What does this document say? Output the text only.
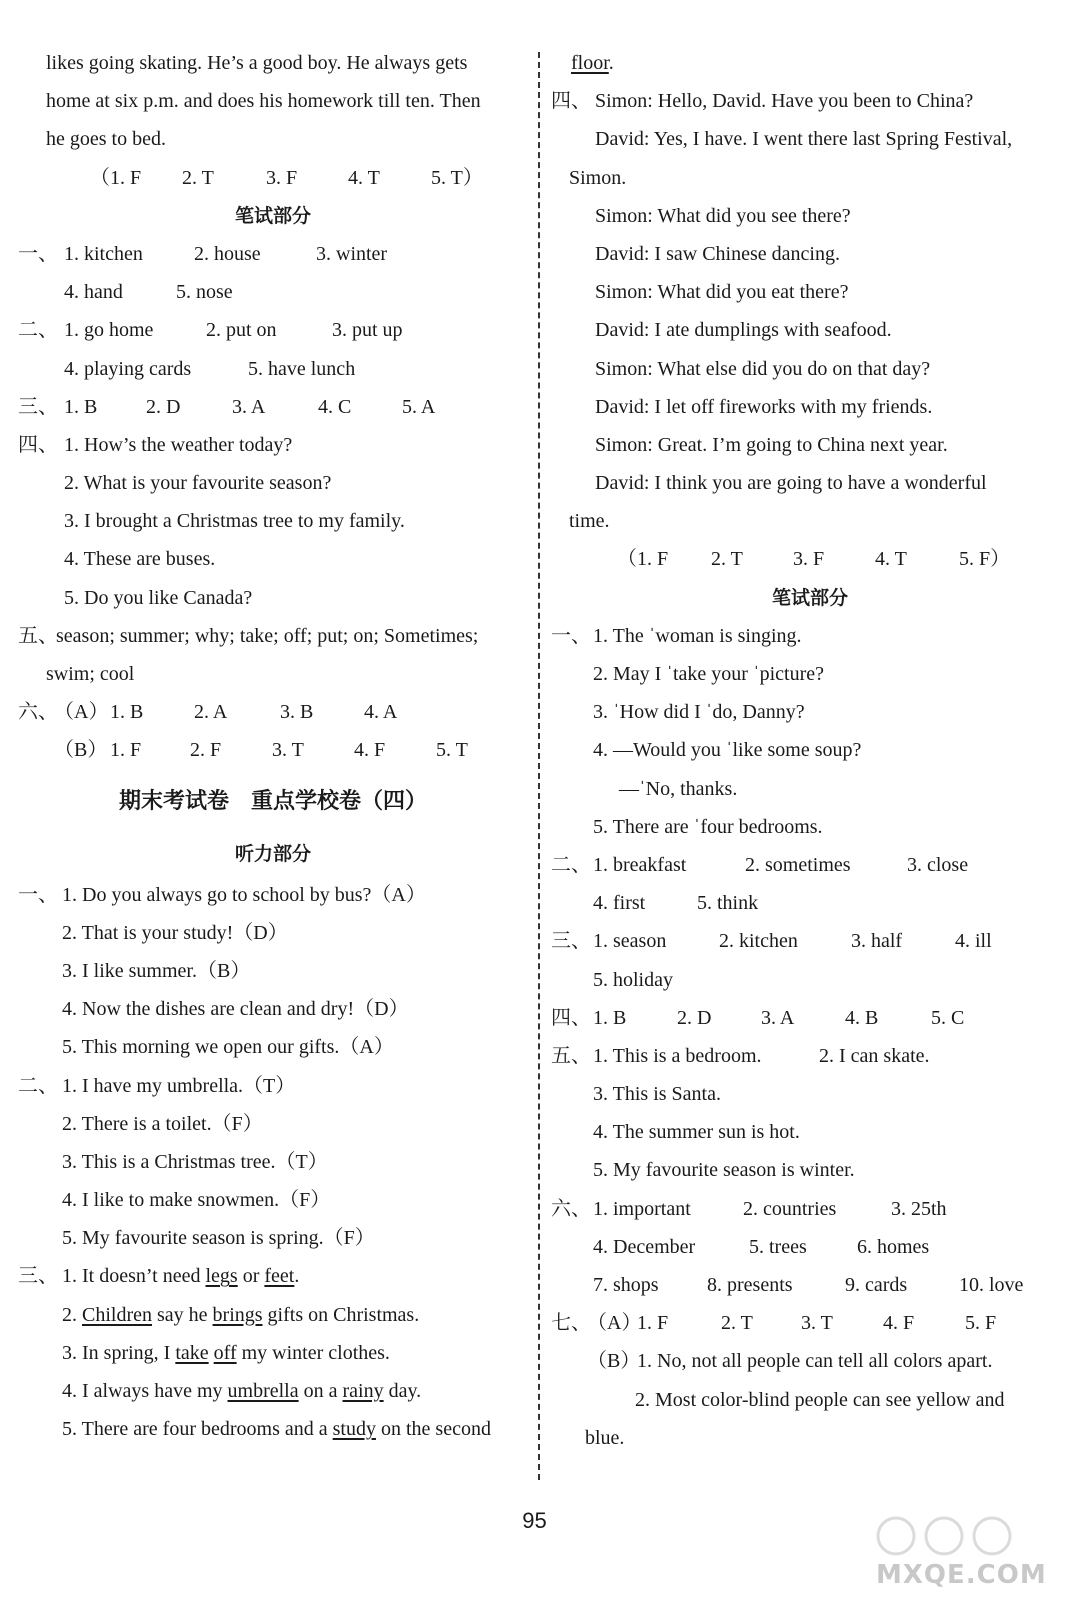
likes going skating. He’s a good boy. He always gets
home at six p.m. and does his homework till ten. Then
he goes to bed.
（1. F 2. T	3. F	4. T	5. T）
笔试部分
一、 1. kitchen	2. house	3. winter
4. hand	5. nose
二、 1. go home	2. put on	3. put up
4. playing cards	5. have lunch
三、 1. B 2. D	3. A	4. C	5. A
四、 1. How’s the weather today?
2. What is your favourite season?
3. I brought a Christmas tree to my family.
4. These are buses.
5. Do you like Canada?
五、
season; summer; why; take; off; put; on; Sometimes;
swim; cool
六、
（A） 1. B	2. A	3. B	4. A
（B） 1. F 2. F	3. T	4. F	5. T
期末考试卷　重点学校卷（四）
听力部分
一、 1. Do you always go to school by bus?（A）
2. That is your study!（D）
3. I like summer.（B）
4. Now the dishes are clean and dry!（D）
5. This morning we open our gifts.（A）
二、 1. I have my umbrella.（T）
2. There is a toilet.（F）
3. This is a Christmas tree.（T）
4. I like to make snowmen.（F）
5. My favourite season is spring.（F）
三、 1. It doesn’t need legs or feet.
2. Children say he brings gifts on Christmas.
3. In spring, I take off my winter clothes.
4. I always have my umbrella on a rainy day.
5. There are four bedrooms and a study on the second
floor.
四、 Simon: Hello, David. Have you been to China?
David: Yes, I have. I went there last Spring Festival,
Simon.
Simon: What did you see there?
David: I saw Chinese dancing.
Simon: What did you eat there?
David: I ate dumplings with seafood.
Simon: What else did you do on that day?
David: I let off fireworks with my friends.
Simon: Great. I’m going to China next year.
David: I think you are going to have a wonderful
time.
（1. F 2. T	3. F	4. T	5. F）
笔试部分
一、 1. The ˈwoman is singing.
2. May I ˈtake your ˈpicture?
3. ˈHow did I ˈdo, Danny?
4. —Would you ˈlike some soup?
—ˈNo, thanks.
5. There are ˈfour bedrooms.
二、 1. breakfast	2. sometimes	3. close
4. first	5. think
三、 1. season	2. kitchen	3. half	4. ill
5. holiday
四、 1. B	2. D 3. A	4. B	5. C
五、 1. This is a bedroom.	2. I can skate.
3. This is Santa.
4. The summer sun is hot.
5. My favourite season is winter.
六、 1. important	2. countries	3. 25th
4. December	5. trees	6. homes
7. shops 8. presents	9. cards	10. love
七、
（A）
1. F	2. T 3. T	4. F	5. F
（B）
1. No, not all people can tell all colors apart.
2. Most color-blind people can see yellow and
blue.
95
MXQE.COM
